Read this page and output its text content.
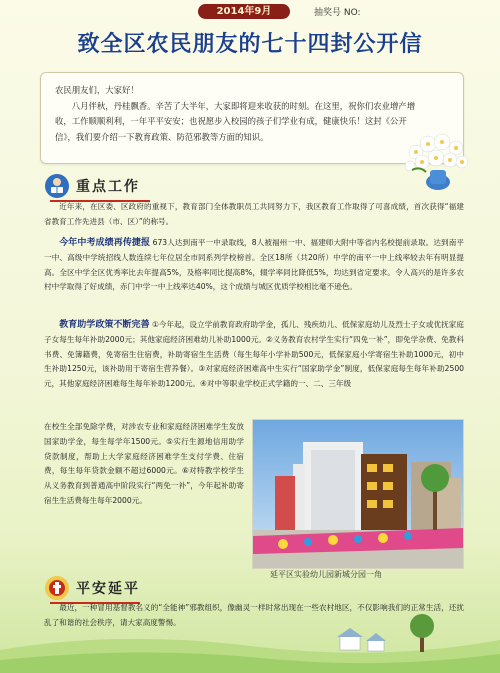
2014年9月	抽奖号 NO:
致全区农民朋友的七十四封公开信

农民朋友们，大家好！

八月伴秋，丹桂飘香。辛苦了大半年，大家即将迎来收获的时刻。在这里，祝你们农业增产增收，工作顺顺利利，一年平平安安；也祝愿步入校园的孩子们学业有成，健康快乐！这封《公开信》，我们要介绍一下教育政策、防范邪教等方面的知识。

重点工作

近年来，在区委、区政府的重视下，教育部门全体教职员工共同努力下，我区教育工作取得了可喜成绩，首次获得“福建省教育工作先进县（市、区）”的称号。

今年中考成绩再传捷报 673人达到南平一中录取线，8人被福州一中、福建师大附中等省内名校提前录取。达到南平一中、高级中学统招线人数连续七年位居全市同系列学校榜首。全区18所（共20所）中学的南平一中上线率较去年有明显提高。全区中学全区优秀率比去年提高5%，及格率同比提高8%，辍学率同比降低5%，均达到省定要求。令人高兴的是许多农村中学取得了好成绩，赤门中学一中上线率达40%，这个成绩与城区优质学校相比毫不逊色。

教育助学政策不断完善 ①今年起，设立学前教育政府助学金，孤儿、残疾幼儿、低保家庭幼儿及烈士子女或优抚家庭子女每生每年补助2000元；其他家庭经济困难幼儿补助1000元。②义务教育农村学生实行“四免一补”，即免学杂费、免教科书费、免簿籍费，免寄宿生住宿费，补助寄宿生生活费（每生每年小学补助500元，低保家庭小学寄宿生补助1000元，初中生补助1250元，该补助用于寄宿生营养餐）。③对家庭经济困难高中生实行“国家助学金”制度，低保家庭每生每年补助2500元，其他家庭经济困难每生每年补助1200元。④对中等职业学校正式学籍的一、二、三年级

在校生全部免除学费，对涉农专业和家庭经济困难学生发放国家助学金，每生每学年1500元。⑤实行生源地信用助学贷款制度，帮助上大学家庭经济困难学生支付学费、住宿费，每生每年贷款金额不超过6000元。⑥对特教学校学生从义务教育到普通高中阶段实行“两免一补”，今年起补助寄宿生生活费每生每年2000元。

延平区实验幼儿园新城分园一角
平安延平

最近，一种冒用基督教名义的“全能神”邪教组织，像幽灵一样时常出现在一些农村地区，不仅影响我们的正常生活，还扰乱了和谐的社会秩序，请大家高度警惕。
